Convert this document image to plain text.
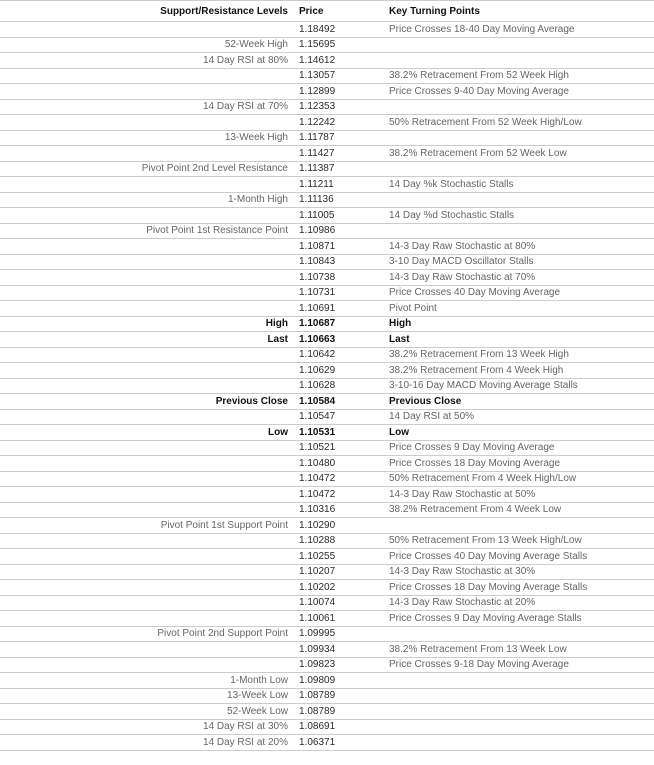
Support/Resistance Levels	Price	Key Turning Points
	1.18492	Price Crosses 18-40 Day Moving Average
52-Week High	1.15695	
14 Day RSI at 80%	1.14612	
	1.13057	38.2% Retracement From 52 Week High
	1.12899	Price Crosses 9-40 Day Moving Average
14 Day RSI at 70%	1.12353	
	1.12242	50% Retracement From 52 Week High/Low
13-Week High	1.11787	
	1.11427	38.2% Retracement From 52 Week Low
Pivot Point 2nd Level Resistance	1.11387	
	1.11211	14 Day %k Stochastic Stalls
1-Month High	1.11136	
	1.11005	14 Day %d Stochastic Stalls
Pivot Point 1st Resistance Point	1.10986	
	1.10871	14-3 Day Raw Stochastic at 80%
	1.10843	3-10 Day MACD Oscillator Stalls
	1.10738	14-3 Day Raw Stochastic at 70%
	1.10731	Price Crosses 40 Day Moving Average
	1.10691	Pivot Point
High	1.10687	High
Last	1.10663	Last
	1.10642	38.2% Retracement From 13 Week High
	1.10629	38.2% Retracement From 4 Week High
	1.10628	3-10-16 Day MACD Moving Average Stalls
Previous Close	1.10584	Previous Close
	1.10547	14 Day RSI at 50%
Low	1.10531	Low
	1.10521	Price Crosses 9 Day Moving Average
	1.10480	Price Crosses 18 Day Moving Average
	1.10472	50% Retracement From 4 Week High/Low
	1.10472	14-3 Day Raw Stochastic at 50%
	1.10316	38.2% Retracement From 4 Week Low
Pivot Point 1st Support Point	1.10290	
	1.10288	50% Retracement From 13 Week High/Low
	1.10255	Price Crosses 40 Day Moving Average Stalls
	1.10207	14-3 Day Raw Stochastic at 30%
	1.10202	Price Crosses 18 Day Moving Average Stalls
	1.10074	14-3 Day Raw Stochastic at 20%
	1.10061	Price Crosses 9 Day Moving Average Stalls
Pivot Point 2nd Support Point	1.09995	
	1.09934	38.2% Retracement From 13 Week Low
	1.09823	Price Crosses 9-18 Day Moving Average
1-Month Low	1.09809	
13-Week Low	1.08789	
52-Week Low	1.08789	
14 Day RSI at 30%	1.08691	
14 Day RSI at 20%	1.06371	
